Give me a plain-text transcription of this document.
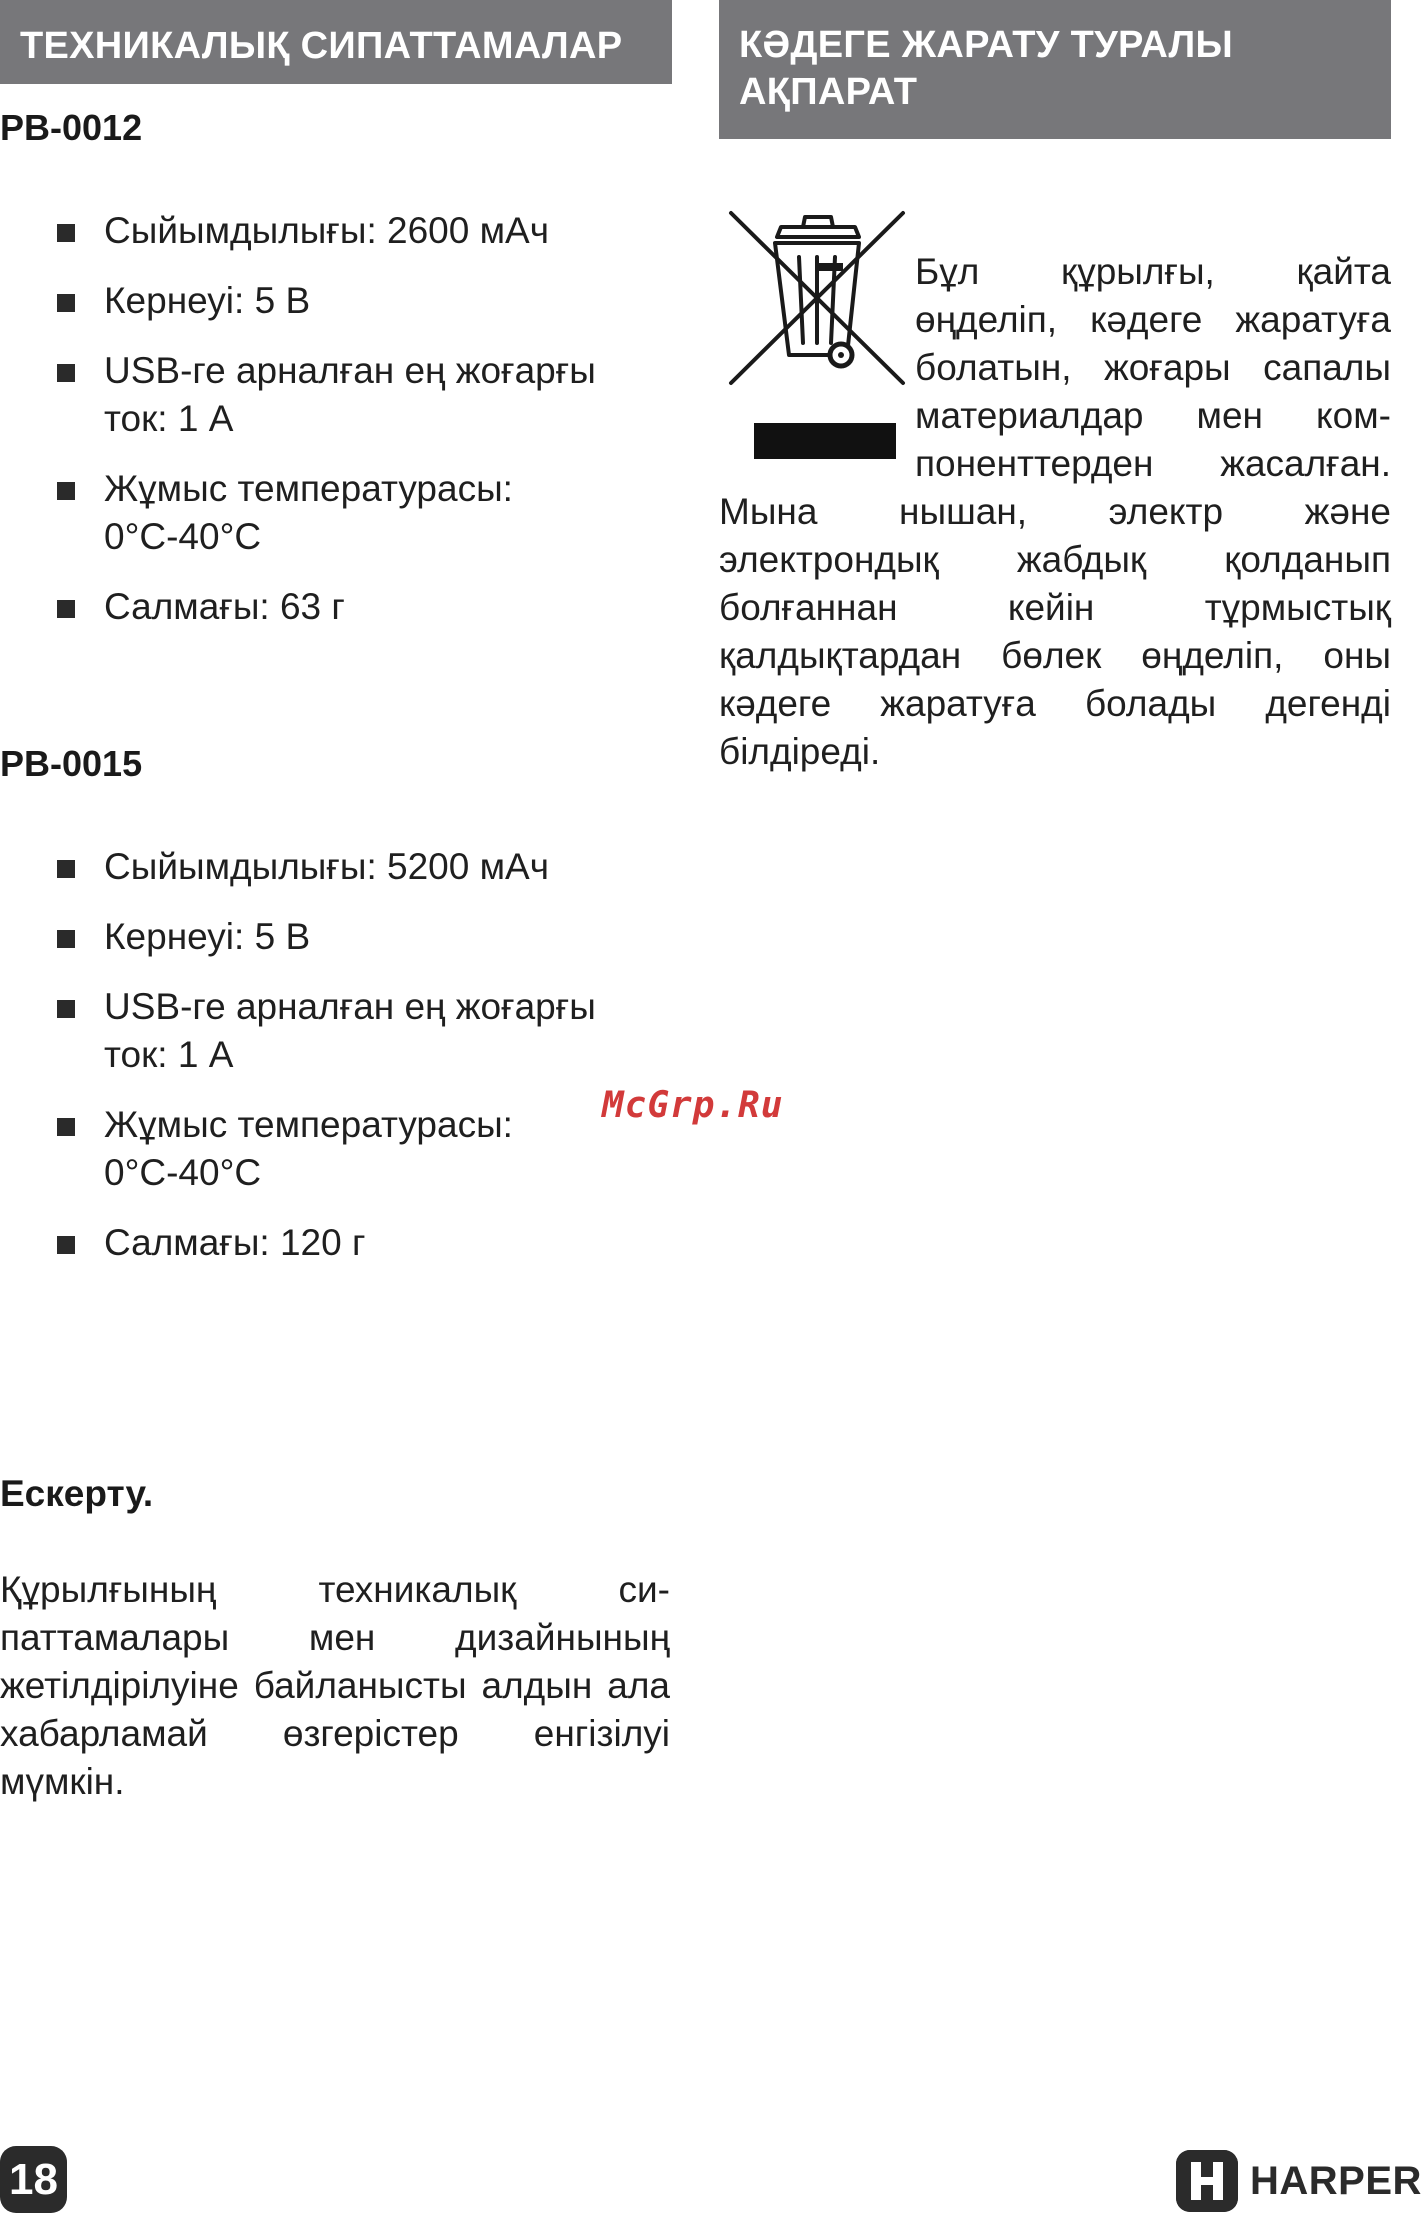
ТЕХНИКАЛЫҚ СИПАТТАМАЛАР
PB-0012
Сыйымдылығы: 2600 мАч
Кернеуі: 5 В
USB-ге арналған ең жоғарғы
ток: 1 А
Жұмыс температурасы:
0°С-40°С
Салмағы: 63 г
PB-0015
Сыйымдылығы: 5200 мАч
Кернеуі: 5 В
USB-ге арналған ең жоғарғы
ток: 1 А
Жұмыс температурасы:
0°С-40°С
Салмағы: 120 г
Ескерту.

Құрылғының техникалық си-паттамалары мен дизайнының жетілдірілуіне байланысты алдын ала хабарламай өзгерістер енгізілуі мүмкін.

КӘДЕГЕ ЖАРАТУ ТУРАЛЫ
АҚПАРАТ

Бұл құрылғы, қайта өңделіп, кәдеге жаратуға болатын, жоғары сапалы материалдар мен ком-поненттерден жасалған. Мына нышан, электр және электрондық жабдық қолданып болғаннан кейін тұрмыстық қалдықтардан бөлек өңделіп, оны кәдеге жаратуға болады дегенді білдіреді.

McGrp.Ru
18	HARPER
